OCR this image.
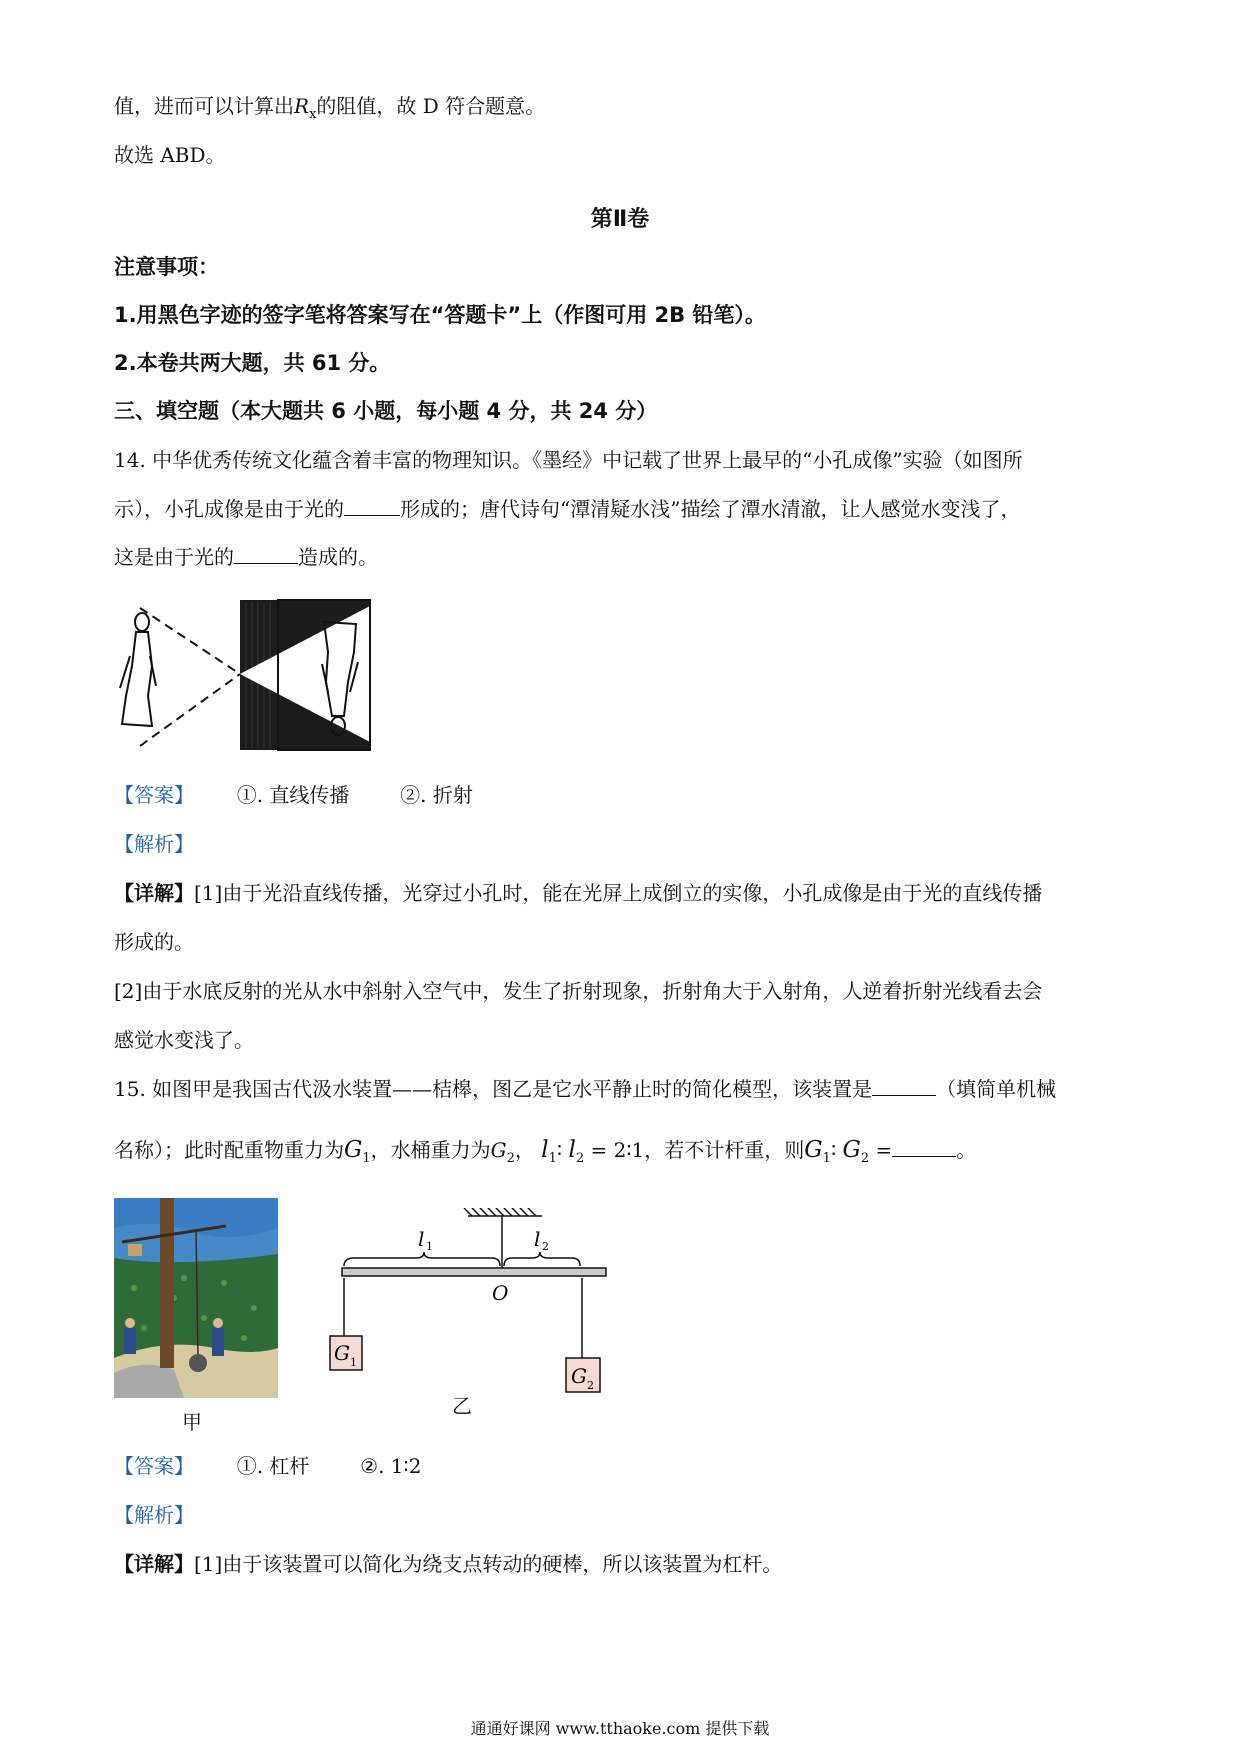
值，进而可以计算出$R_x$的阻值，故 D 符合题意。
故选 ABD。
第Ⅱ卷
注意事项：
1.用黑色字迹的签字笔将答案写在“答题卡”上（作图可用 2B 铅笔）。
2.本卷共两大题，共 61 分。
三、填空题（本大题共 6 小题，每小题 4 分，共 24 分）
14. 中华优秀传统文化蕴含着丰富的物理知识。《墨经》中记载了世界上最早的“小孔成像”实验（如图所
示），小孔成像是由于光的	形成的；唐代诗句“潭清疑水浅”描绘了潭水清澈，让人感觉水变浅了，
这是由于光的	造成的。
【答案】 ①. 直线传播	②. 折射
【解析】
【详解】[1]由于光沿直线传播，光穿过小孔时，能在光屏上成倒立的实像，小孔成像是由于光的直线传播
形成的。
[2]由于水底反射的光从水中斜射入空气中，发生了折射现象，折射角大于入射角，人逆着折射光线看去会
感觉水变浅了。
15. 如图甲是我国古代汲水装置——桔槔，图乙是它水平静止时的简化模型，该装置是	（填简单机械
名称）；此时配重物重力为$G_1$，水桶重力为$G_2$， $l_1∶$ $l_2$ = 2∶1，若不计杆重，则$G_1∶$ $G_2$ =	。
甲
l 1	l 2
O
G 1
G 2
乙
【答案】 ①. 杠杆	②. 1∶2
【解析】
【详解】[1]由于该装置可以简化为绕支点转动的硬棒，所以该装置为杠杆。
通通好课网 www.tthaoke.com 提供下载
